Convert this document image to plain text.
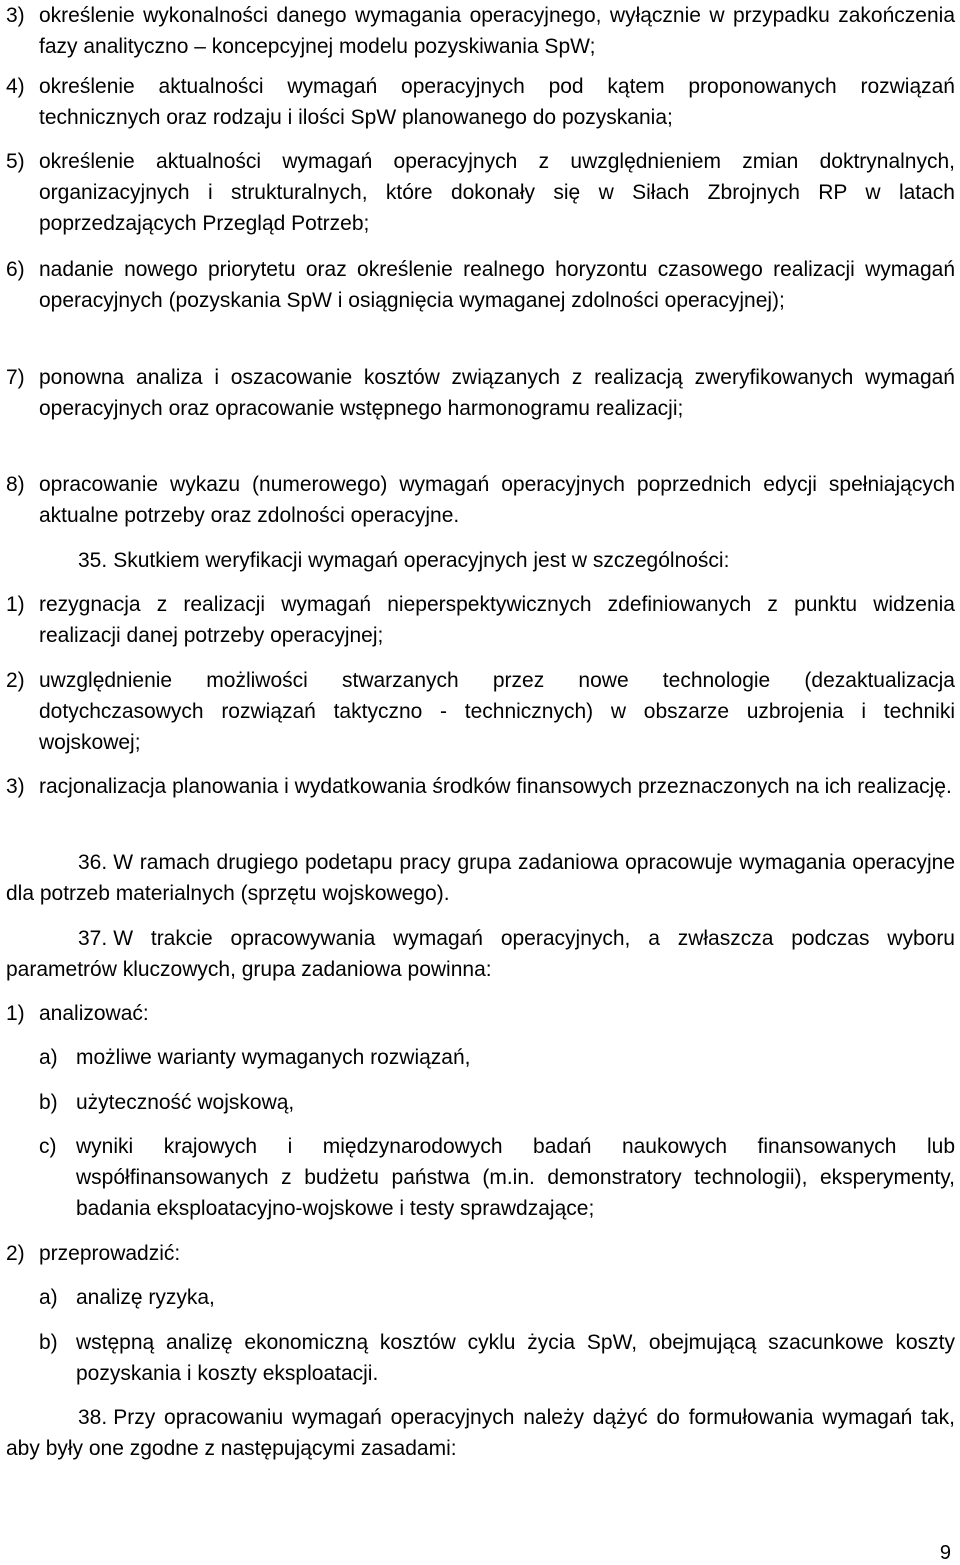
3) określenie wykonalności danego wymagania operacyjnego, wyłącznie w przypadku zakończenia fazy analityczno – koncepcyjnej modelu pozyskiwania SpW;
4) określenie aktualności wymagań operacyjnych pod kątem proponowanych rozwiązań technicznych oraz rodzaju i ilości SpW planowanego do pozyskania;
5) określenie aktualności wymagań operacyjnych z uwzględnieniem zmian doktrynalnych, organizacyjnych i strukturalnych, które dokonały się w Siłach Zbrojnych RP w latach poprzedzających Przegląd Potrzeb;
6) nadanie nowego priorytetu oraz określenie realnego horyzontu czasowego realizacji wymagań operacyjnych (pozyskania SpW i osiągnięcia wymaganej zdolności operacyjnej);
7) ponowna analiza i oszacowanie kosztów związanych z realizacją zweryfikowanych wymagań operacyjnych oraz opracowanie wstępnego harmonogramu realizacji;
8) opracowanie wykazu (numerowego) wymagań operacyjnych poprzednich edycji spełniających aktualne potrzeby oraz zdolności operacyjne.
35. Skutkiem weryfikacji wymagań operacyjnych jest w szczególności:
1) rezygnacja z realizacji wymagań nieperspektywicznych zdefiniowanych z punktu widzenia realizacji danej potrzeby operacyjnej;
2) uwzględnienie możliwości stwarzanych przez nowe technologie (dezaktualizacja dotychczasowych rozwiązań taktyczno - technicznych) w obszarze uzbrojenia i techniki wojskowej;
3) racjonalizacja planowania i wydatkowania środków finansowych przeznaczonych na ich realizację.
36. W ramach drugiego podetapu pracy grupa zadaniowa opracowuje wymagania operacyjne dla potrzeb materialnych (sprzętu wojskowego).
37. W trakcie opracowywania wymagań operacyjnych, a zwłaszcza podczas wyboru parametrów kluczowych, grupa zadaniowa powinna:
1) analizować:
a) możliwe warianty wymaganych rozwiązań,
b) użyteczność wojskową,
c) wyniki krajowych i międzynarodowych badań naukowych finansowanych lub współfinansowanych z budżetu państwa (m.in. demonstratory technologii), eksperymenty, badania eksploatacyjno-wojskowe i testy sprawdzające;
2) przeprowadzić:
a) analizę ryzyka,
b) wstępną analizę ekonomiczną kosztów cyklu życia SpW, obejmującą szacunkowe koszty pozyskania i koszty eksploatacji.
38. Przy opracowaniu wymagań operacyjnych należy dążyć do formułowania wymagań tak, aby były one zgodne z następującymi zasadami:
9
